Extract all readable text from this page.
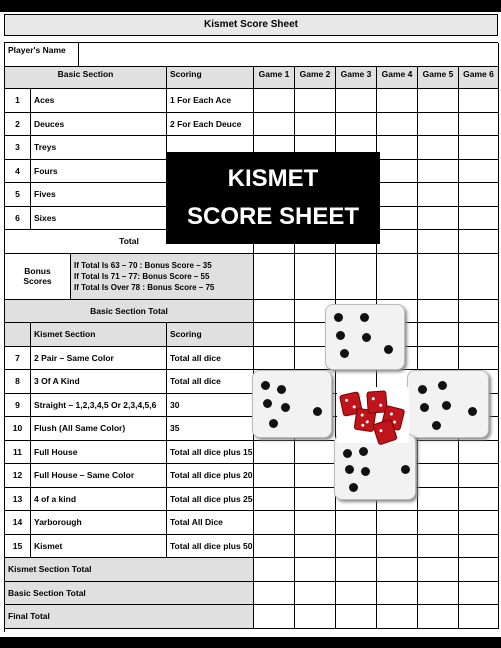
Kismet Score Sheet
Player's Name
Basic Section	Scoring	Game 1	Game 2	Game 3	Game 4	Game 5	Game 6
1	Aces	1 For Each Ace
2	Deuces	2 For Each Deuce
3	Treys
4	Fours
5	Fives
6	Sixes
Total
Bonus
Scores
If Total Is 63 – 70 : Bonus Score – 35
If Total Is 71 – 77: Bonus Score – 55
If Total Is Over 78 : Bonus Score – 75
Basic Section Total
Kismet Section	Scoring
7	2 Pair – Same Color	Total all dice
8	3 Of A Kind	Total all dice
9	Straight – 1,2,3,4,5 Or 2,3,4,5,6	30
10	Flush (All Same Color)	35
11	Full House	Total all dice plus 15
12	Full House – Same Color	Total all dice plus 20
13	4 of a kind	Total all dice plus 25
14	Yarborough	Total All Dice
15	Kismet	Total all dice plus 50
Kismet Section Total
Basic Section Total
Final Total
KISMET
SCORE SHEET
